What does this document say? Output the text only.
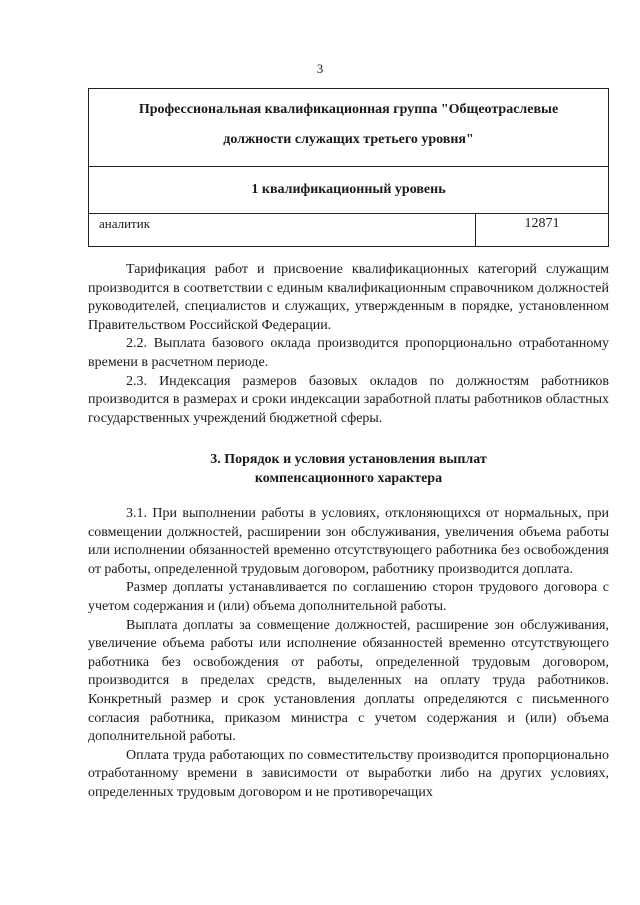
3
Профессиональная квалификационная группа "Общеотраслевые
должности служащих третьего уровня"

1 квалификационный уровень
аналитик	12871

Тарификация работ и присвоение квалификационных категорий служащим производится в соответствии с единым квалификационным справочником должностей руководителей, специалистов и служащих, утвержденным в порядке, установленном Правительством Российской Федерации.

2.2. Выплата базового оклада производится пропорционально отработанному времени в расчетном периоде.

2.3. Индексация размеров базовых окладов по должностям работников производится в размерах и сроки индексации заработной платы работников областных государственных учреждений бюджетной сферы.

3. Порядок и условия установления выплат
компенсационного характера

3.1. При выполнении работы в условиях, отклоняющихся от нормальных, при совмещении должностей, расширении зон обслуживания, увеличения объема работы или исполнении обязанностей временно отсутствующего работника без освобождения от работы, определенной трудовым договором, работнику производится доплата.

Размер доплаты устанавливается по соглашению сторон трудового договора с учетом содержания и (или) объема дополнительной работы.

Выплата доплаты за совмещение должностей, расширение зон обслуживания, увеличение объема работы или исполнение обязанностей временно отсутствующего работника без освобождения от работы, определенной трудовым договором, производится в пределах средств, выделенных на оплату труда работников. Конкретный размер и срок установления доплаты определяются с письменного согласия работника, приказом министра с учетом содержания и (или) объема дополнительной работы.

Оплата труда работающих по совместительству производится пропорционально отработанному времени в зависимости от выработки либо на других условиях, определенных трудовым договором и не противоречащих
